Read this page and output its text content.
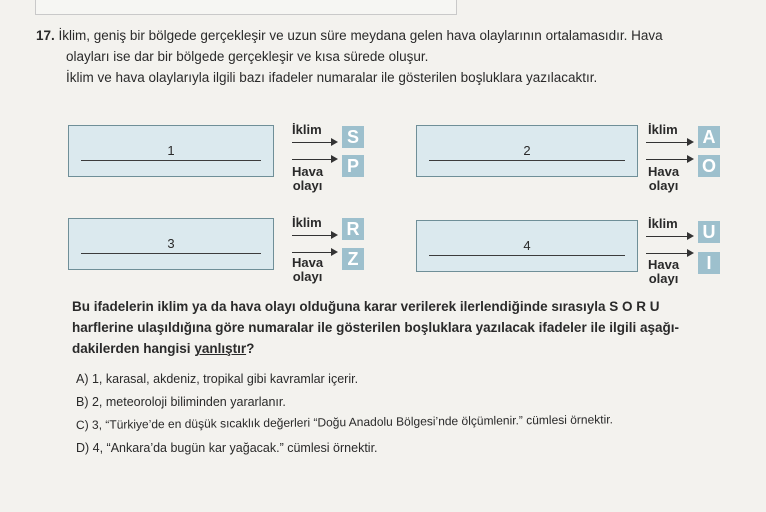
17. İklim, geniş bir bölgede gerçekleşir ve uzun süre meydana gelen hava olaylarının ortalamasıdır. Hava

olayları ise dar bir bölgede gerçekleşir ve kısa sürede oluşur.

İklim ve hava olaylarıyla ilgili bazı ifadeler numaralar ile gösterilen boşluklara yazılacaktır.

1
İklim
Hava
olayı
S
P
2
İklim
Hava
olayı
A
O
3
İklim
Hava
olayı
R
Z
4
İklim
Hava
olayı
U
I

Bu ifadelerin iklim ya da hava olayı olduğuna karar verilerek ilerlendiğinde sırasıyla S O R U

harflerine ulaşıldığına göre numaralar ile gösterilen boşluklara yazılacak ifadeler ile ilgili aşağı-

dakilerden hangisi yanlıştır?

A) 1, karasal, akdeniz, tropikal gibi kavramlar içerir.

B) 2, meteoroloji biliminden yararlanır.

C) 3, “Türkiye’de en düşük sıcaklık değerleri “Doğu Anadolu Bölgesi’nde ölçümlenir.” cümlesi örnektir.

D) 4, “Ankara’da bugün kar yağacak.” cümlesi örnektir.
